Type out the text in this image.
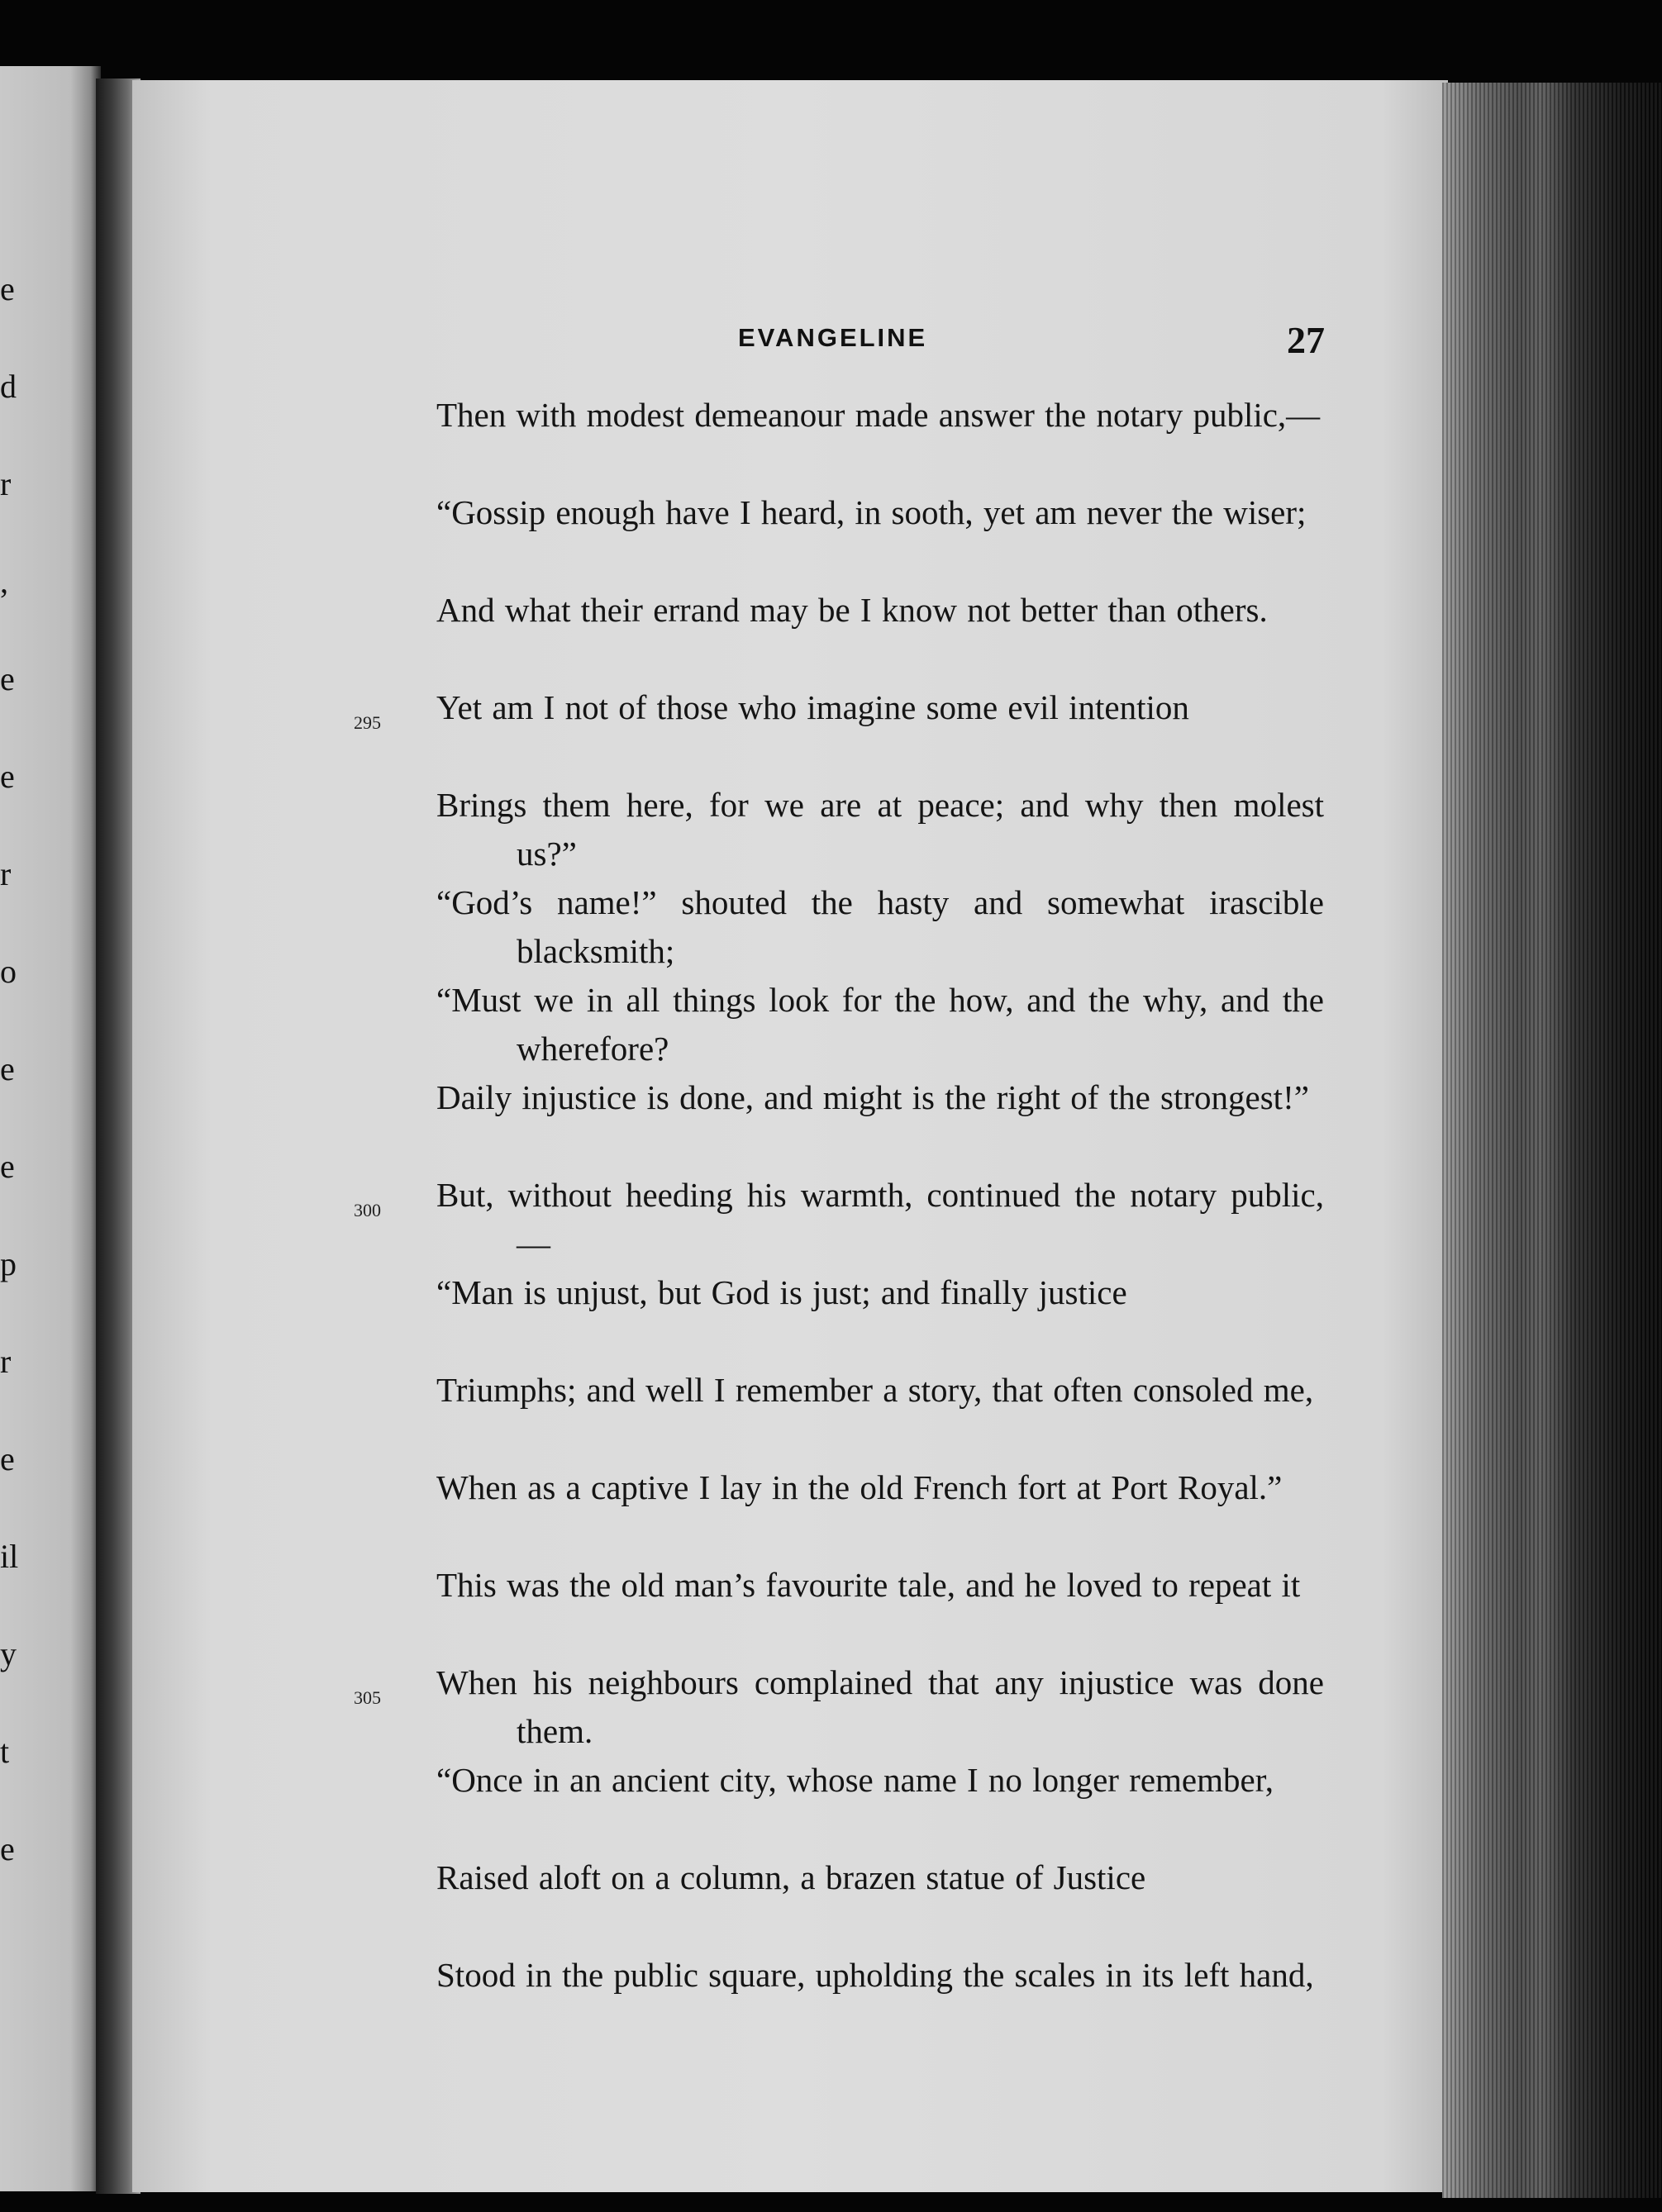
e
d
r
,
e
e
r
o
e
e
p
r
e
il
y
t
e
EVANGELINE	27
Then with modest demeanour made answer the notary public,—
“Gossip enough have I heard, in sooth, yet am never the wiser;
And what their errand may be I know not better than others.
295 Yet am I not of those who imagine some evil intention
Brings them here, for we are at peace; and why then molest us?”
“God’s name!” shouted the hasty and somewhat irascible blacksmith;
“Must we in all things look for the how, and the why, and the wherefore?
Daily injustice is done, and might is the right of the strongest!”
300 But, without heeding his warmth, continued the notary public,—
“Man is unjust, but God is just; and finally justice
Triumphs; and well I remember a story, that often consoled me,
When as a captive I lay in the old French fort at Port Royal.”
This was the old man’s favourite tale, and he loved to repeat it
305 When his neighbours complained that any injustice was done them.
“Once in an ancient city, whose name I no longer remember,
Raised aloft on a column, a brazen statue of Justice
Stood in the public square, upholding the scales in its left hand,
